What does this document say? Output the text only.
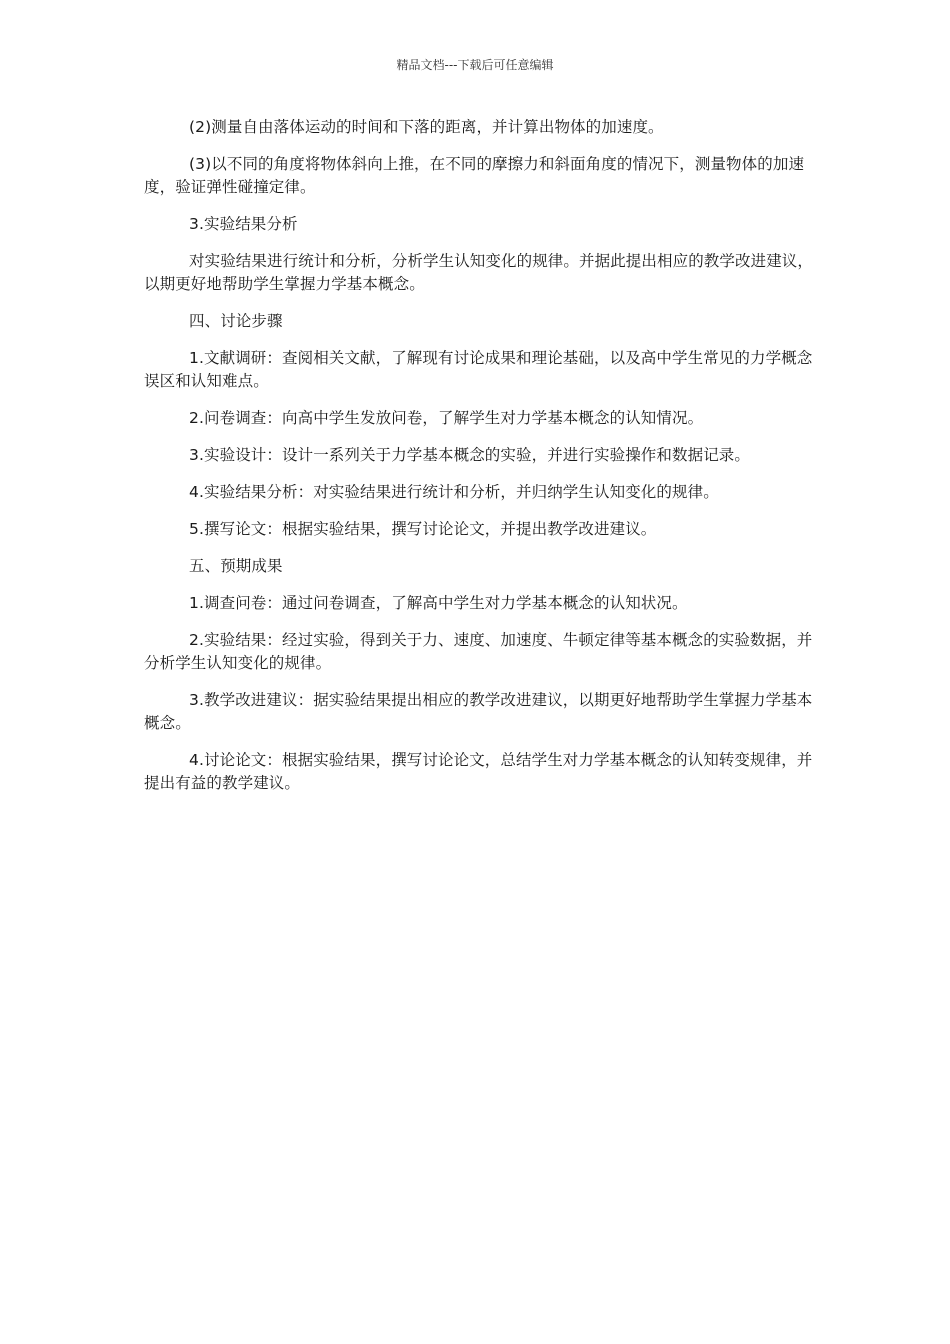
精品文档---下载后可任意编辑

(2)测量自由落体运动的时间和下落的距离，并计算出物体的加速度。

(3)以不同的角度将物体斜向上推，在不同的摩擦力和斜面角度的情况下，测量物体的加速度，验证弹性碰撞定律。

3.实验结果分析

对实验结果进行统计和分析，分析学生认知变化的规律。并据此提出相应的教学改进建议，以期更好地帮助学生掌握力学基本概念。

四、讨论步骤

1.文献调研：查阅相关文献，了解现有讨论成果和理论基础，以及高中学生常见的力学概念误区和认知难点。

2.问卷调查：向高中学生发放问卷，了解学生对力学基本概念的认知情况。

3.实验设计：设计一系列关于力学基本概念的实验，并进行实验操作和数据记录。

4.实验结果分析：对实验结果进行统计和分析，并归纳学生认知变化的规律。

5.撰写论文：根据实验结果，撰写讨论论文，并提出教学改进建议。

五、预期成果

1.调查问卷：通过问卷调查，了解高中学生对力学基本概念的认知状况。

2.实验结果：经过实验，得到关于力、速度、加速度、牛顿定律等基本概念的实验数据，并分析学生认知变化的规律。

3.教学改进建议：据实验结果提出相应的教学改进建议，以期更好地帮助学生掌握力学基本概念。

4.讨论论文：根据实验结果，撰写讨论论文，总结学生对力学基本概念的认知转变规律，并提出有益的教学建议。
